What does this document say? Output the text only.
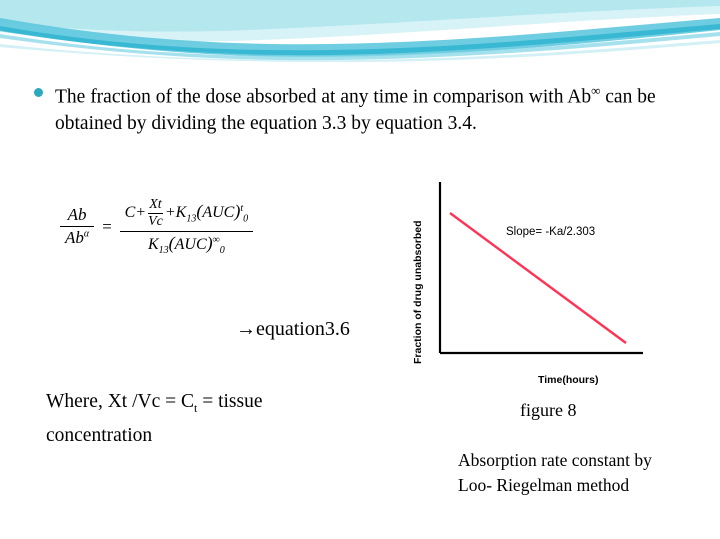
The fraction of the dose absorbed at any time in comparison with Ab∞ can be obtained by dividing the equation 3.3 by equation 3.4.
$\frac{Ab}{Ab^\alpha} = \frac{C+ \frac{Xt}{Vc} +K_{13}(AUC)^t_0}{K_{13}(AUC)^\infty_0}$
→equation3.6
Where, Xt $/Vc = C_t$ = tissue
concentration
Fraction of drug unabsorbed
Time(hours)
Slope= -Ka/2.303
figure 8
Absorption rate constant by
Loo- Riegelman method
